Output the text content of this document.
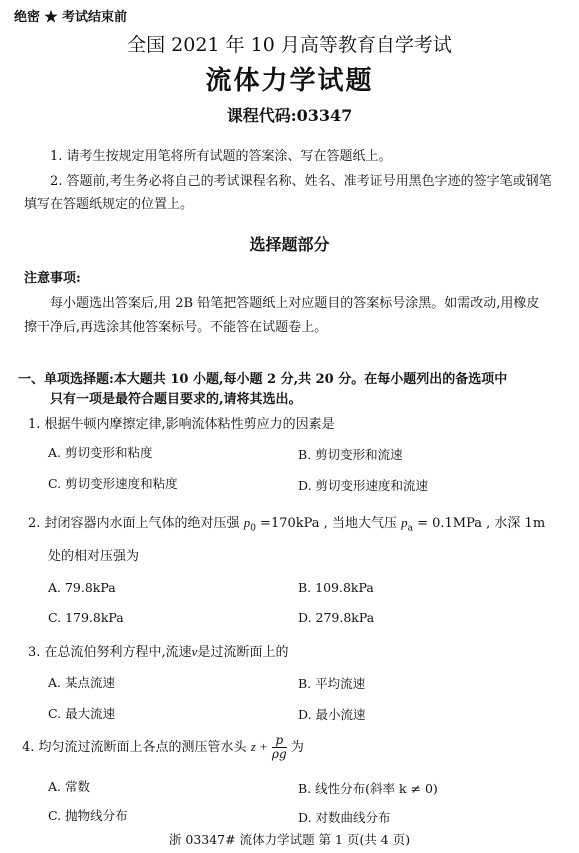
绝密 ★ 考试结束前
全国 2021 年 10 月高等教育自学考试
流体力学试题
课程代码:03347
1. 请考生按规定用笔将所有试题的答案涂、写在答题纸上。
2. 答题前,考生务必将自己的考试课程名称、姓名、准考证号用黑色字迹的签字笔或钢笔
填写在答题纸规定的位置上。
选择题部分
注意事项:
每小题选出答案后,用 2B 铅笔把答题纸上对应题目的答案标号涂黑。如需改动,用橡皮
擦干净后,再选涂其他答案标号。不能答在试题卷上。
一、单项选择题:本大题共 10 小题,每小题 2 分,共 20 分。在每小题列出的备选项中
只有一项是最符合题目要求的,请将其选出。
1. 根据牛顿内摩擦定律,影响流体粘性剪应力的因素是
A. 剪切变形和粘度	B. 剪切变形和流速
C. 剪切变形速度和粘度	D. 剪切变形速度和流速
2. 封闭容器内水面上气体的绝对压强 $p_0 =170kPa$ , 当地大气压 $p_a = 0.1MPa$ , 水深 1m
处的相对压强为
A. 79.8kPa	B. 109.8kPa
C. 179.8kPa	D. 279.8kPa
3. 在总流伯努利方程中,流速v是过流断面上的
A. 某点流速	B. 平均流速
C. 最大流速	D. 最小流速
4. 均匀流过流断面上各点的测压管水头 $z + \frac{p}{\rho g}$ 为
A. 常数	B. 线性分布(斜率 k ≠ 0)
C. 抛物线分布	D. 对数曲线分布
浙 03347# 流体力学试题 第 1 页(共 4 页)
